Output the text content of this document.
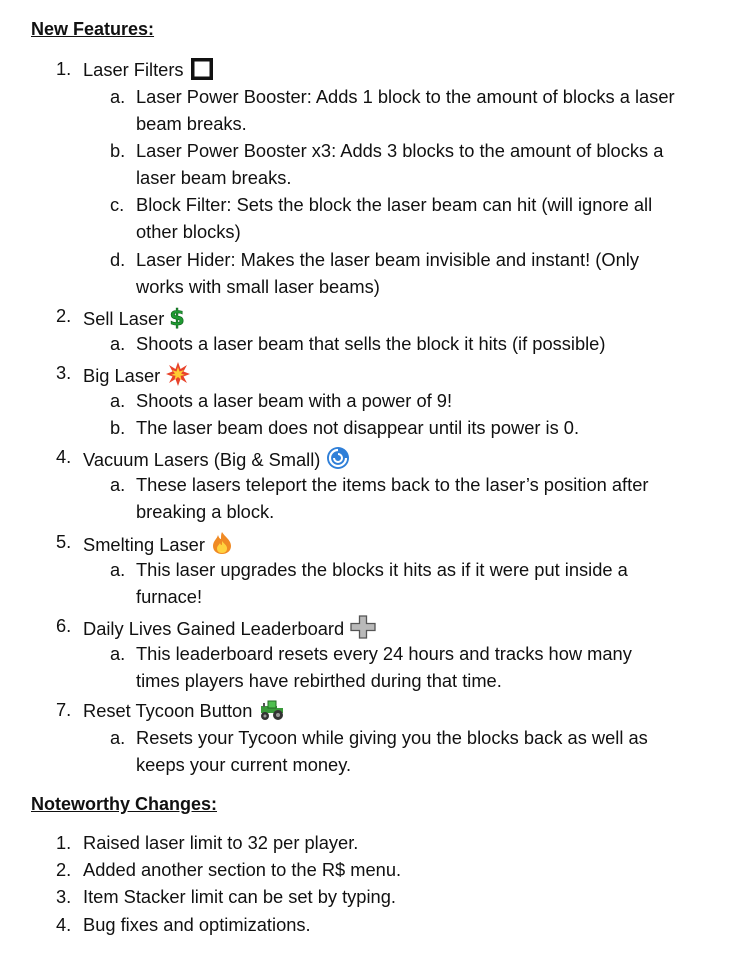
New Features:
1. Laser Filters
a. Laser Power Booster: Adds 1 block to the amount of blocks a laser
beam breaks.
b. Laser Power Booster x3: Adds 3 blocks to the amount of blocks a
laser beam breaks.
c. Block Filter: Sets the block the laser beam can hit (will ignore all
other blocks)
d. Laser Hider: Makes the laser beam invisible and instant! (Only
works with small laser beams)
2. Sell Laser $
a. Shoots a laser beam that sells the block it hits (if possible)
3. Big Laser
a. Shoots a laser beam with a power of 9!
b. The laser beam does not disappear until its power is 0.
4. Vacuum Lasers (Big & Small)
a. These lasers teleport the items back to the laser’s position after
breaking a block.
5. Smelting Laser
a. This laser upgrades the blocks it hits as if it were put inside a
furnace!
6. Daily Lives Gained Leaderboard
a. This leaderboard resets every 24 hours and tracks how many
times players have rebirthed during that time.
7. Reset Tycoon Button
a. Resets your Tycoon while giving you the blocks back as well as
keeps your current money.
Noteworthy Changes:
1. Raised laser limit to 32 per player.
2. Added another section to the R$ menu.
3. Item Stacker limit can be set by typing.
4. Bug fixes and optimizations.
